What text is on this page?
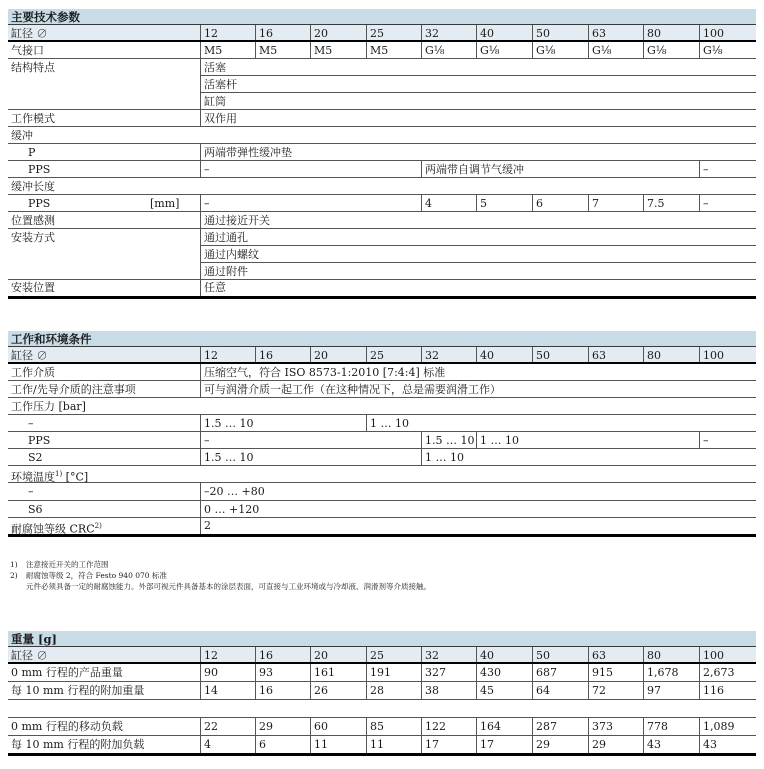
主要技术参数
缸径 ∅	12	16	20	25	32	40	50	63	80	100
气接口	M5	M5	M5	M5	G⅛	G⅛	G⅛	G⅛	G⅛	G⅛
结构特点	活塞
活塞杆
缸筒
工作模式	双作用
缓冲
P	两端带弹性缓冲垫
PPS	–	两端带自调节气缓冲	–
缓冲长度
PPS	[mm]	–	4	5	6	7	7.5	–
位置感测	通过接近开关
安装方式	通过通孔
通过内螺纹
通过附件
安装位置	任意
工作和环境条件
缸径 ∅	12	16	20	25	32	40	50	63	80	100
工作介质	压缩空气，符合 ISO 8573-1:2010 [7:4:4] 标准
工作/先导介质的注意事项	可与润滑介质一起工作（在这种情况下，总是需要润滑工作）
工作压力 [bar]
–	1.5 … 10	1 … 10
PPS	–	1.5 … 10 1 … 10	–
S2	1.5 … 10	1 … 10
环境温度$^{1)}$ [°C]
–	–20 … +80
S6	0 … +120
耐腐蚀等级 CRC$^{2)}$	2
1) 注意接近开关的工作范围
2) 耐腐蚀等级 2，符合 Festo 940 070 标准
元件必须具备一定的耐腐蚀能力。外部可视元件具备基本的涂层表面，可直接与工业环境或与冷却液、润滑剂等介质接触。
重量 [g]
缸径 ∅	12	16	20	25	32	40	50	63	80	100
0 mm 行程的产品重量	90	93	161	191	327	430	687	915	1,678	2,673
每 10 mm 行程的附加重量	14	16	26	28	38	45	64	72	97	116
0 mm 行程的移动负载	22	29	60	85	122	164	287	373	778	1,089
每 10 mm 行程的附加负载	4	6	11	11	17	17	29	29	43	43
